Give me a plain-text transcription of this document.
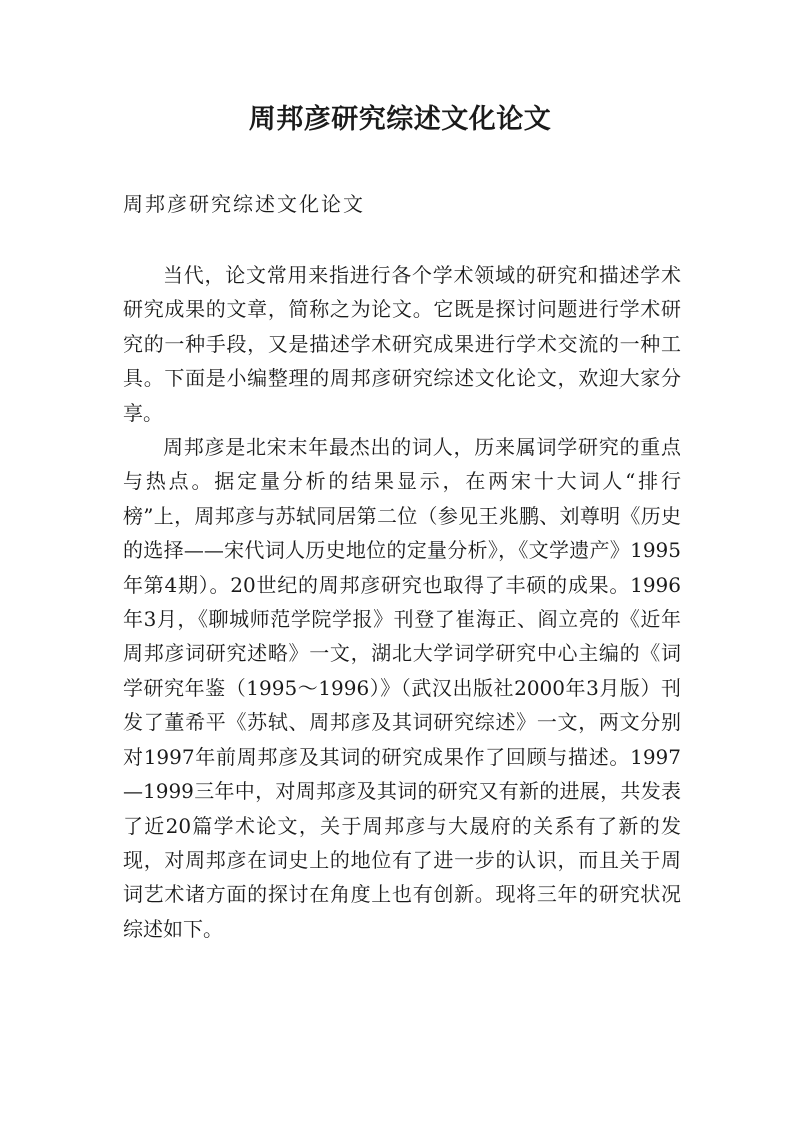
周邦彦研究综述文化论文
周邦彦研究综述文化论文

当代，论文常用来指进行各个学术领域的研究和描述学术研究成果的文章，简称之为论文。它既是探讨问题进行学术研究的一种手段，又是描述学术研究成果进行学术交流的一种工具。下面是小编整理的周邦彦研究综述文化论文，欢迎大家分享。

周邦彦是北宋末年最杰出的词人，历来属词学研究的重点与热点。据定量分析的结果显示，在两宋十大词人“排行榜”上，周邦彦与苏轼同居第二位（参见王兆鹏、刘尊明《历史的选择——宋代词人历史地位的定量分析》，《文学遗产》1995年第4期）。20世纪的周邦彦研究也取得了丰硕的成果。1996年3月，《聊城师范学院学报》刊登了崔海正、阎立亮的《近年周邦彦词研究述略》一文，湖北大学词学研究中心主编的《词学研究年鉴（1995～1996）》（武汉出版社2000年3月版）刊发了董希平《苏轼、周邦彦及其词研究综述》一文，两文分别对1997年前周邦彦及其词的研究成果作了回顾与描述。1997—1999三年中，对周邦彦及其词的研究又有新的进展，共发表了近20篇学术论文，关于周邦彦与大晟府的关系有了新的发现，对周邦彦在词史上的地位有了进一步的认识，而且关于周词艺术诸方面的探讨在角度上也有创新。现将三年的研究状况综述如下。
